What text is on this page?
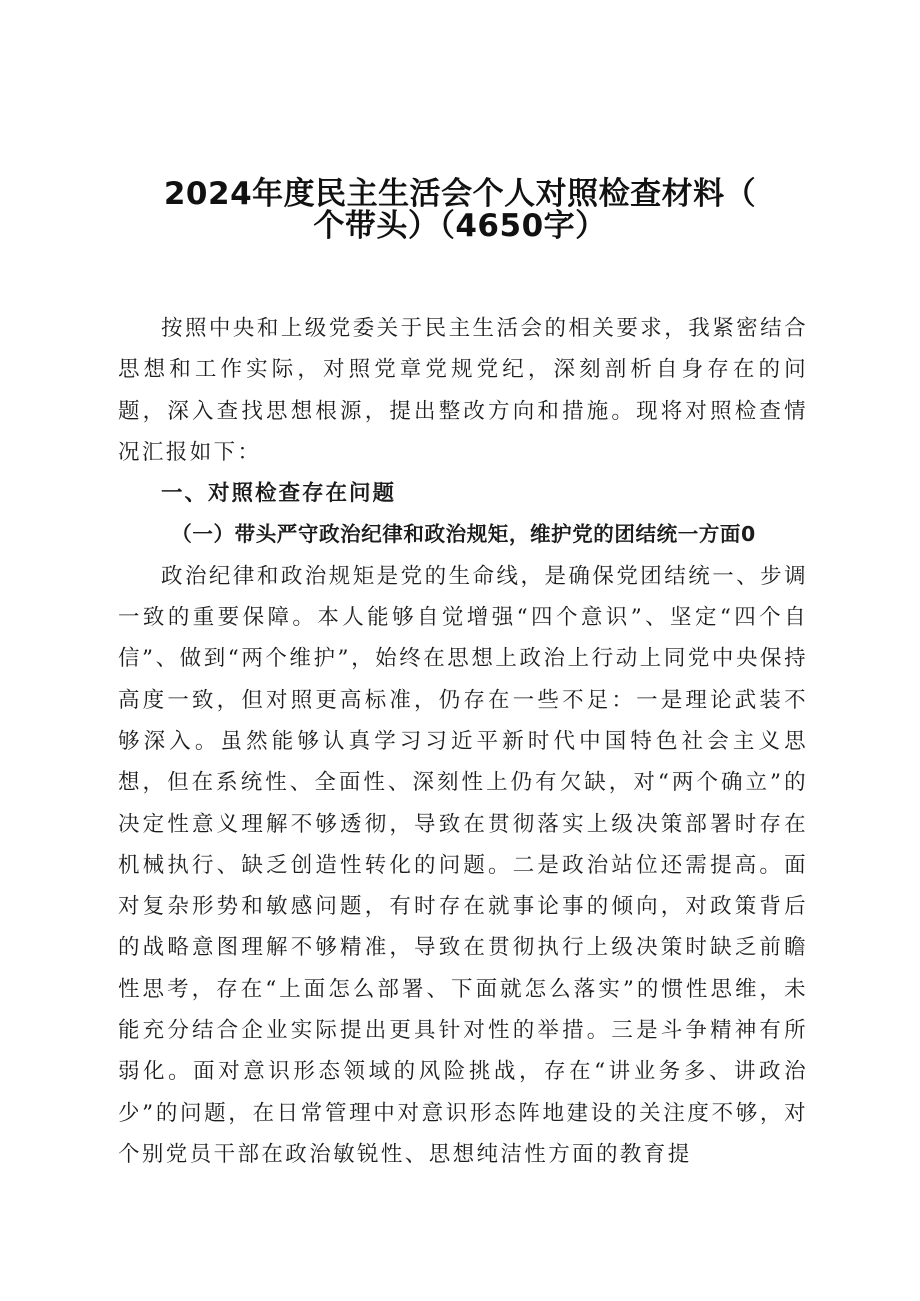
2024年度民主生活会个人对照检查材料（
个带头）（4650字）

按照中央和上级党委关于民主生活会的相关要求，我紧密结合思想和工作实际，对照党章党规党纪，深刻剖析自身存在的问题，深入查找思想根源，提出整改方向和措施。现将对照检查情况汇报如下：

一、对照检查存在问题

（一）带头严守政治纪律和政治规矩，维护党的团结统一方面0

政治纪律和政治规矩是党的生命线，是确保党团结统一、步调一致的重要保障。本人能够自觉增强“四个意识”、坚定“四个自信”、做到“两个维护”，始终在思想上政治上行动上同党中央保持高度一致，但对照更高标准，仍存在一些不足：一是理论武装不够深入。虽然能够认真学习习近平新时代中国特色社会主义思想，但在系统性、全面性、深刻性上仍有欠缺，对“两个确立”的决定性意义理解不够透彻，导致在贯彻落实上级决策部署时存在机械执行、缺乏创造性转化的问题。二是政治站位还需提高。面对复杂形势和敏感问题，有时存在就事论事的倾向，对政策背后的战略意图理解不够精准，导致在贯彻执行上级决策时缺乏前瞻性思考，存在“上面怎么部署、下面就怎么落实”的惯性思维，未能充分结合企业实际提出更具针对性的举措。三是斗争精神有所弱化。面对意识形态领域的风险挑战，存在“讲业务多、讲政治少”的问题，在日常管理中对意识形态阵地建设的关注度不够，对个别党员干部在政治敏锐性、思想纯洁性方面的教育提
